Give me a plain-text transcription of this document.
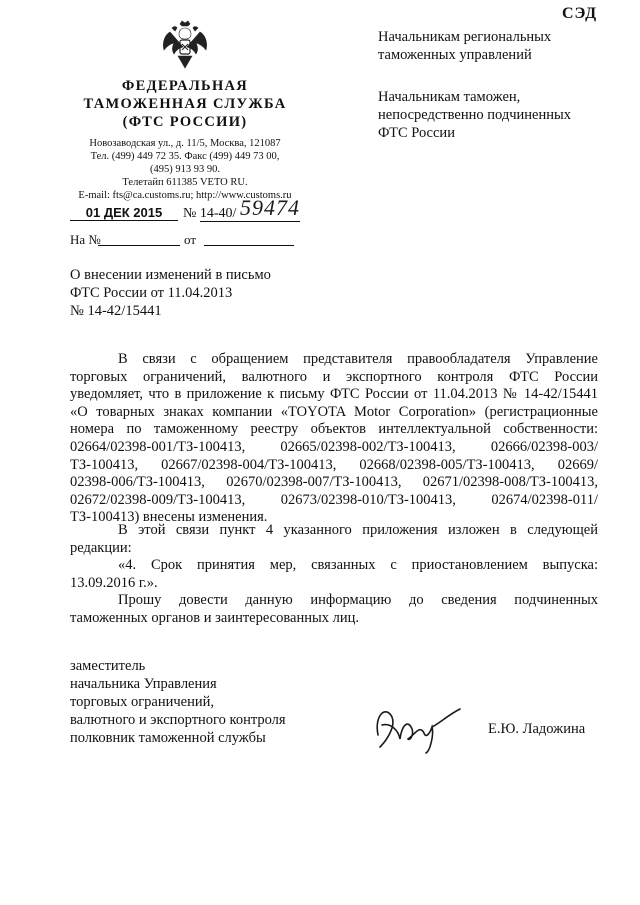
СЭД
ФЕДЕРАЛЬНАЯ
ТАМОЖЕННАЯ СЛУЖБА
(ФТС РОССИИ)
Новозаводская ул., д. 11/5, Москва, 121087
Тел. (499) 449 72 35. Факс (499) 449 73 00,
(495) 913 93 90.
Телетайп 611385 VETO RU.
E-mail: fts@ca.customs.ru; http://www.customs.ru
01 ДЕК 2015	№ 14-40/ 59474
На №	от
Начальникам региональных
таможенных управлений
Начальникам таможен,
непосредственно подчиненных
ФТС России
О внесении изменений в письмо
ФТС России от 11.04.2013
№ 14-42/15441
В связи с обращением представителя правообладателя Управление
торговых ограничений, валютного и экспортного контроля ФТС России
уведомляет, что в приложение к письму ФТС России от 11.04.2013 № 14-42/15441
«О товарных знаках компании «TOYOTA Motor Corporation» (регистрационные
номера по таможенному реестру объектов интеллектуальной собственности:
02664/02398-001/ТЗ-100413, 02665/02398-002/ТЗ-100413, 02666/02398-003/
ТЗ-100413, 02667/02398-004/ТЗ-100413, 02668/02398-005/ТЗ-100413, 02669/
02398-006/ТЗ-100413, 02670/02398-007/ТЗ-100413, 02671/02398-008/ТЗ-100413,
02672/02398-009/ТЗ-100413, 02673/02398-010/ТЗ-100413, 02674/02398-011/
ТЗ-100413) внесены изменения.
В этой связи пункт 4 указанного приложения изложен в следующей
редакции:
«4. Срок принятия мер, связанных с приостановлением выпуска:
13.09.2016 г.».
Прошу довести данную информацию до сведения подчиненных
таможенных органов и заинтересованных лиц.
заместитель
начальника Управления
торговых ограничений,
валютного и экспортного контроля
полковник таможенной службы
Е.Ю. Ладожина
